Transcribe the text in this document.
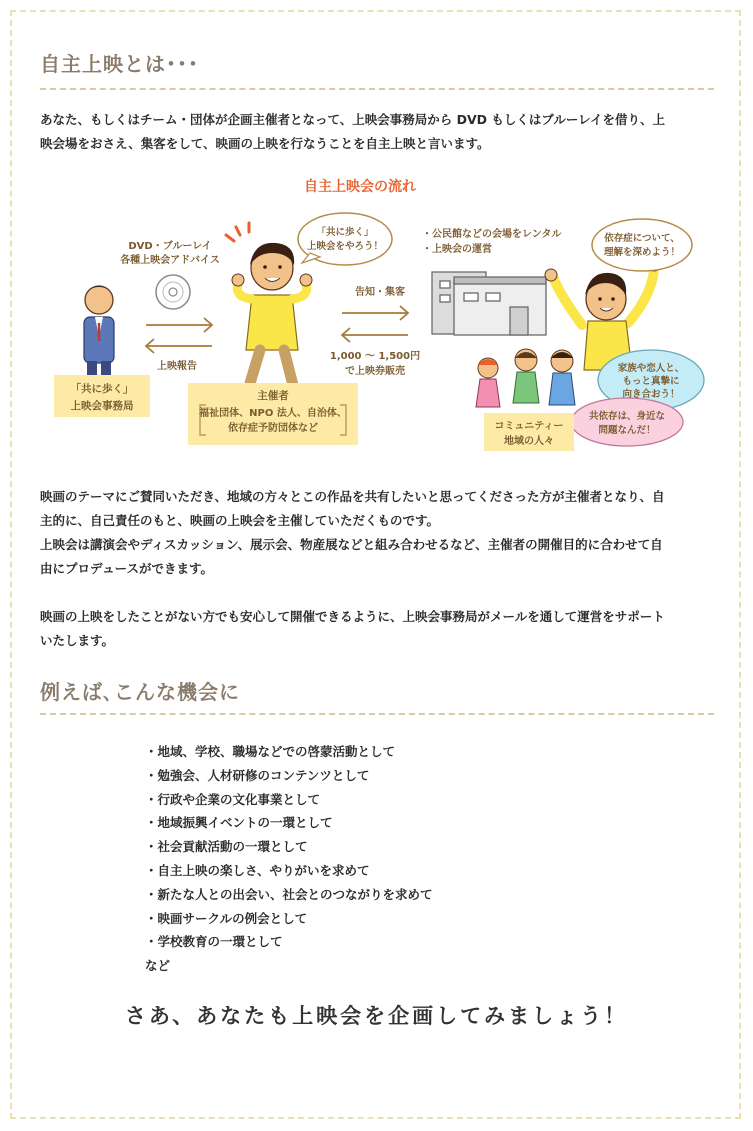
自主上映とは･･･

あなた、もしくはチーム・団体が企画主催者となって、上映会事務局から DVD もしくはブルーレイを借り、上

映会場をおさえ、集客をして、映画の上映を行なうことを自主上映と言います。

自主上映会の流れ
「共に歩く」
上映会事務局
DVD・ブルーレイ
各種上映会アドバイス
上映報告
「共に歩く」
上映会をやろう！
主催者
福祉団体、NPO 法人、自治体、
依存症予防団体など
告知・集客
1,000 ～ 1,500円
で上映券販売
・公民館などの会場をレンタル
・上映会の運営
依存症について、
理解を深めよう！
家族や恋人と、
もっと真摯に
向き合おう！
共依存は、身近な
問題なんだ！
コミュニティー
地域の人々

映画のテーマにご賛同いただき、地域の方々とこの作品を共有したいと思ってくださった方が主催者となり、自

主的に、自己責任のもと、映画の上映会を主催していただくものです。

上映会は講演会やディスカッション、展示会、物産展などと組み合わせるなど、主催者の開催目的に合わせて自

由にプロデュースができます。

映画の上映をしたことがない方でも安心して開催できるように、上映会事務局がメールを通して運営をサポート

いたします。

例えば､こんな機会に
・地域、学校、職場などでの啓蒙活動として
・勉強会、人材研修のコンテンツとして
・行政や企業の文化事業として
・地域振興イベントの一環として
・社会貢献活動の一環として
・自主上映の楽しさ、やりがいを求めて
・新たな人との出会い、社会とのつながりを求めて
・映画サークルの例会として
・学校教育の一環として
など

さあ、あなたも上映会を企画してみましょう！
